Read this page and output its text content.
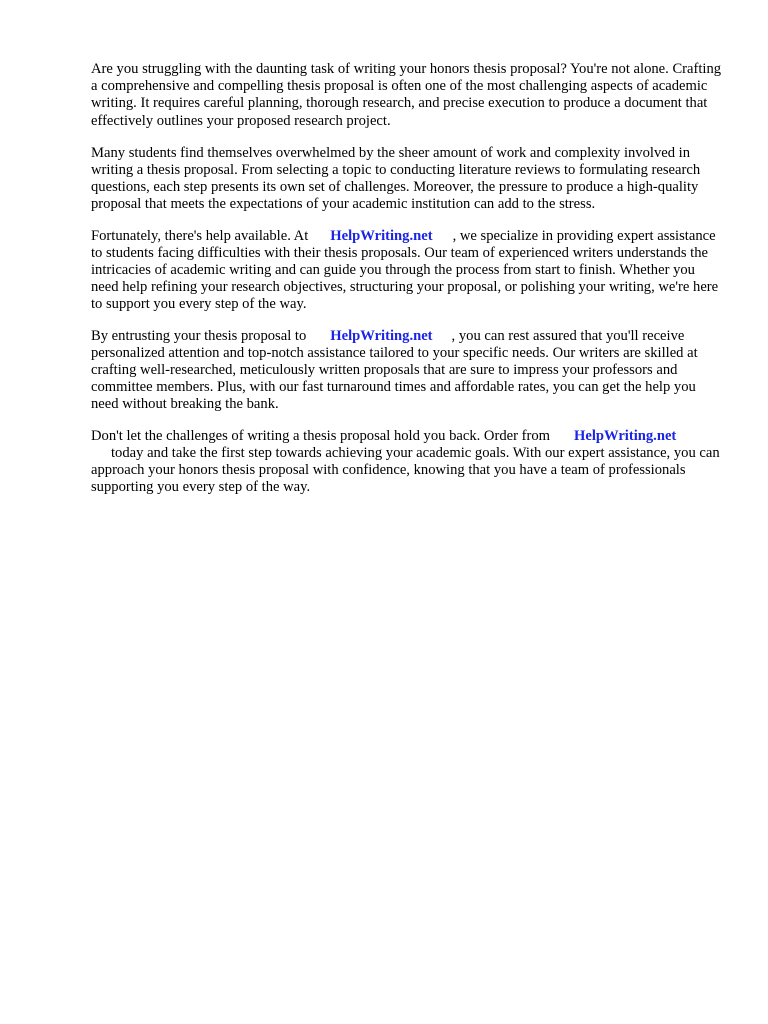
Are you struggling with the daunting task of writing your honors thesis proposal? You're not alone. Crafting a comprehensive and compelling thesis proposal is often one of the most challenging aspects of academic writing. It requires careful planning, thorough research, and precise execution to produce a document that effectively outlines your proposed research project.

Many students find themselves overwhelmed by the sheer amount of work and complexity involved in writing a thesis proposal. From selecting a topic to conducting literature reviews to formulating research questions, each step presents its own set of challenges. Moreover, the pressure to produce a high-quality proposal that meets the expectations of your academic institution can add to the stress.

Fortunately, there's help available. At HelpWriting.net , we specialize in providing expert assistance to students facing difficulties with their thesis proposals. Our team of experienced writers understands the intricacies of academic writing and can guide you through the process from start to finish. Whether you need help refining your research objectives, structuring your proposal, or polishing your writing, we're here to support you every step of the way.

By entrusting your thesis proposal to HelpWriting.net , you can rest assured that you'll receive personalized attention and top-notch assistance tailored to your specific needs. Our writers are skilled at crafting well-researched, meticulously written proposals that are sure to impress your professors and committee members. Plus, with our fast turnaround times and affordable rates, you can get the help you need without breaking the bank.

Don't let the challenges of writing a thesis proposal hold you back. Order from HelpWriting.net
today and take the first step towards achieving your academic goals. With our expert assistance, you can approach your honors thesis proposal with confidence, knowing that you have a team of professionals supporting you every step of the way.
